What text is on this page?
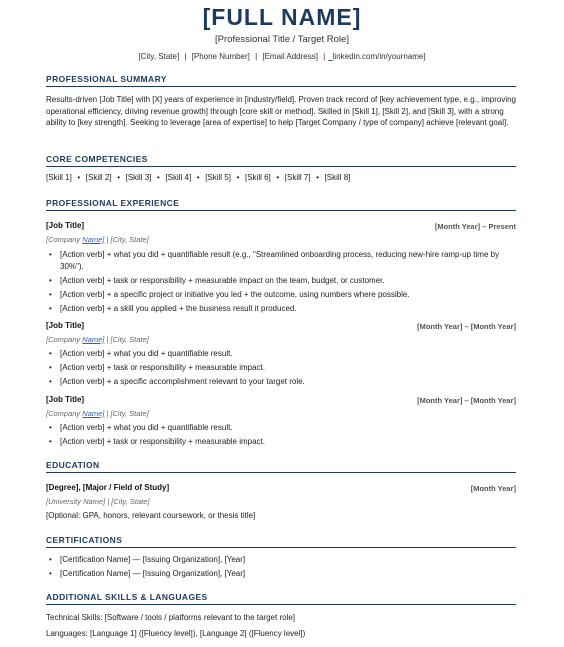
[FULL NAME]
[Professional Title / Target Role]
[City, State] | [Phone Number] | [Email Address] | ​_linkedin.com/in/yourname]
PROFESSIONAL SUMMARY
Results-driven [Job Title] with [X] years of experience in [industry/field]. Proven track record of [key achievement type, e.g., improving operational efficiency, driving revenue growth] through [core skill or method]. Skilled in [Skill 1], [Skill 2], and [Skill 3], with a strong ability to [key strength]. Seeking to leverage [area of expertise] to help [Target Company / type of company] achieve [relevant goal].
CORE COMPETENCIES
[Skill 1] • [Skill 2] • [Skill 3] • [Skill 4] • [Skill 5] • [Skill 6] • [Skill 7] • [Skill 8]
PROFESSIONAL EXPERIENCE
[Job Title]	[Month Year] – Present
[Company Name] | [City, State]
• [Action verb] + what you did + quantifiable result (e.g., "Streamlined onboarding process, reducing new-hire ramp-up time by 30%").
• [Action verb] + task or responsibility + measurable impact on the team, budget, or customer.
• [Action verb] + a specific project or initiative you led + the outcome, using numbers where possible.
• [Action verb] + a skill you applied + the business result it produced.
[Job Title]	[Month Year] – [Month Year]
[Company Name] | [City, State]
• [Action verb] + what you did + quantifiable result.
• [Action verb] + task or responsibility + measurable impact.
• [Action verb] + a specific accomplishment relevant to your target role.
[Job Title]	[Month Year] – [Month Year]
[Company Name] | [City, State]
• [Action verb] + what you did + quantifiable result.
• [Action verb] + task or responsibility + measurable impact.
EDUCATION
[Degree], [Major / Field of Study]	[Month Year]
[University Name] | [City, State]
[Optional: GPA, honors, relevant coursework, or thesis title]
CERTIFICATIONS
• [Certification Name] — [Issuing Organization], [Year]
• [Certification Name] — [Issuing Organization], [Year]
ADDITIONAL SKILLS & LANGUAGES
Technical Skills: [Software / tools / platforms relevant to the target role]
Languages: [Language 1] ([Fluency level]), [Language 2] ([Fluency level])
